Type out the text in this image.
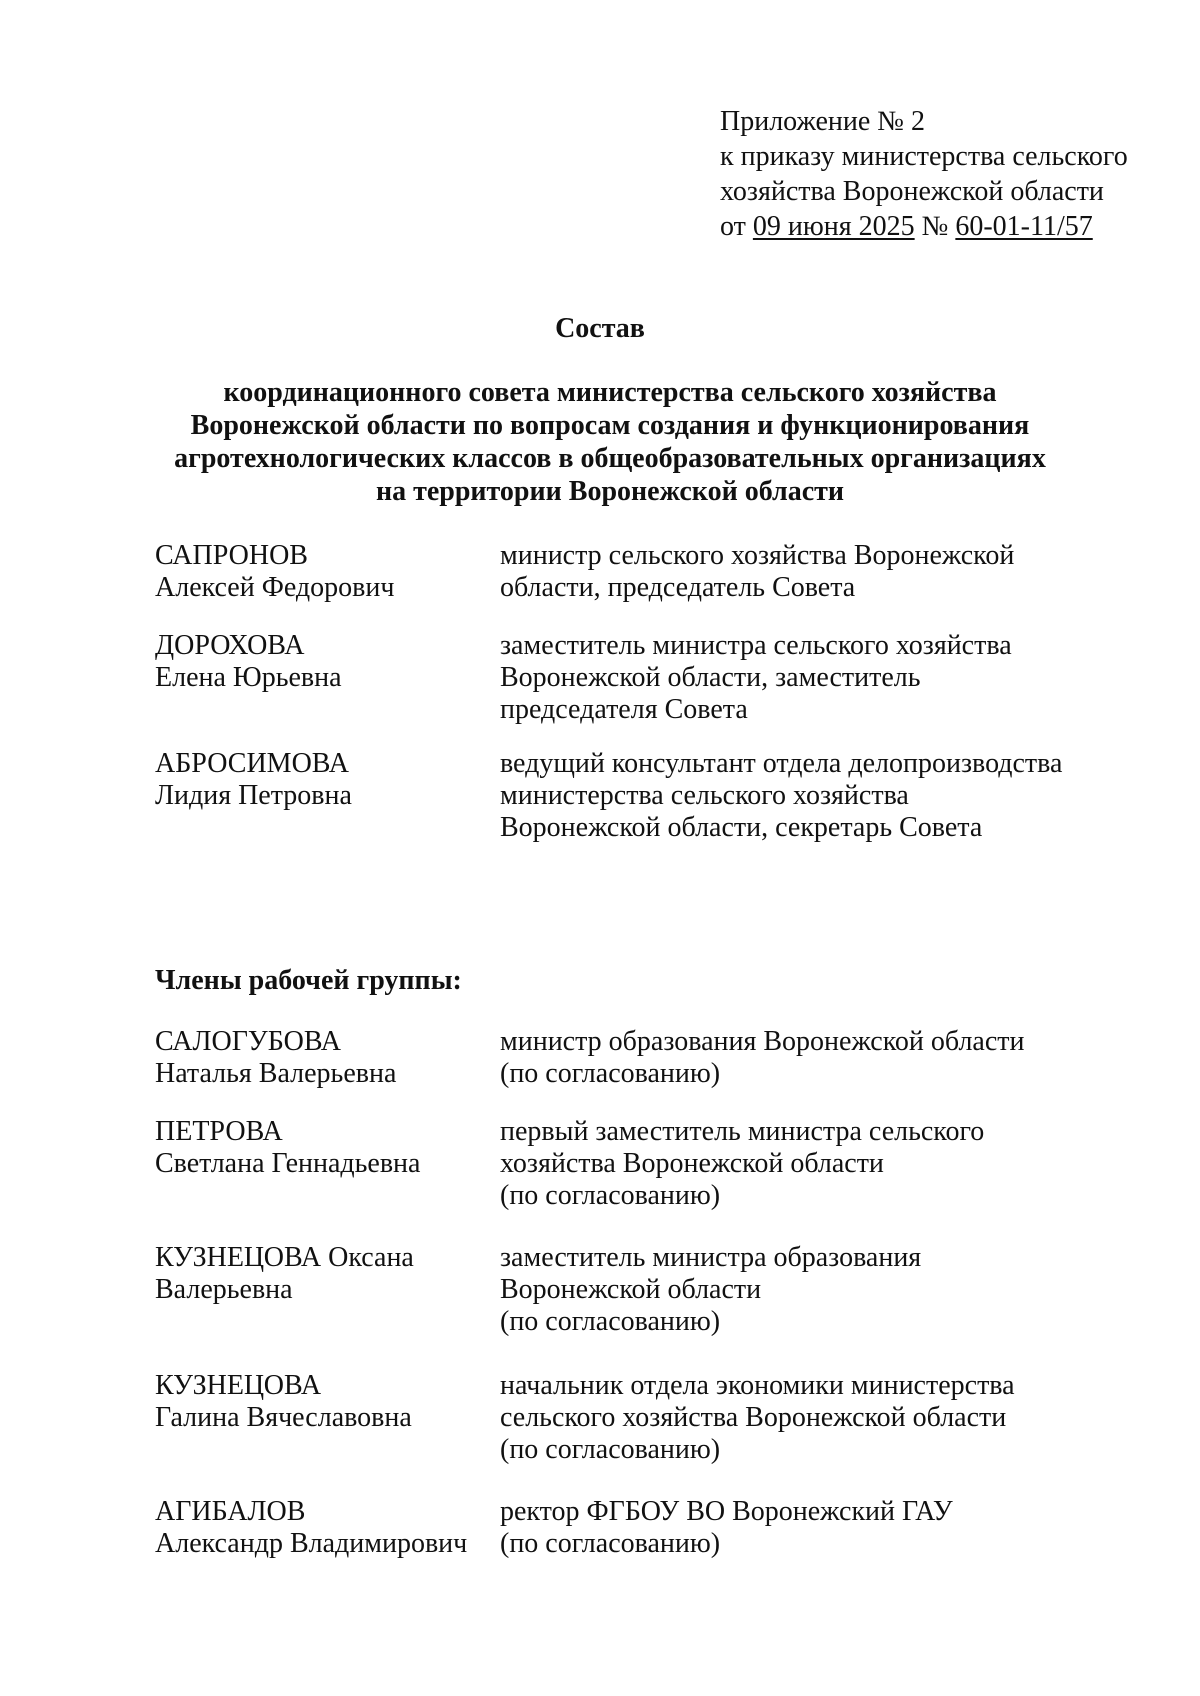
Приложение № 2
к приказу министерства сельского
хозяйства Воронежской области
от 09 июня 2025 № 60-01-11/57
Состав
координационного совета министерства сельского хозяйства
Воронежской области по вопросам создания и функционирования
агротехнологических классов в общеобразовательных организациях
на территории Воронежской области
САПРОНОВ
Алексей Федорович
министр сельского хозяйства Воронежской
области, председатель Совета
ДОРОХОВА
Елена Юрьевна
заместитель министра сельского хозяйства
Воронежской области, заместитель
председателя Совета
АБРОСИМОВА
Лидия Петровна
ведущий консультант отдела делопроизводства
министерства сельского хозяйства
Воронежской области, секретарь Совета
Члены рабочей группы:
САЛОГУБОВА
Наталья Валерьевна
министр образования Воронежской области
(по согласованию)
ПЕТРОВА
Светлана Геннадьевна
первый заместитель министра сельского
хозяйства Воронежской области
(по согласованию)
КУЗНЕЦОВА Оксана
Валерьевна
заместитель министра образования
Воронежской области
(по согласованию)
КУЗНЕЦОВА
Галина Вячеславовна
начальник отдела экономики министерства
сельского хозяйства Воронежской области
(по согласованию)
АГИБАЛОВ
Александр Владимирович
ректор ФГБОУ ВО Воронежский ГАУ
(по согласованию)
